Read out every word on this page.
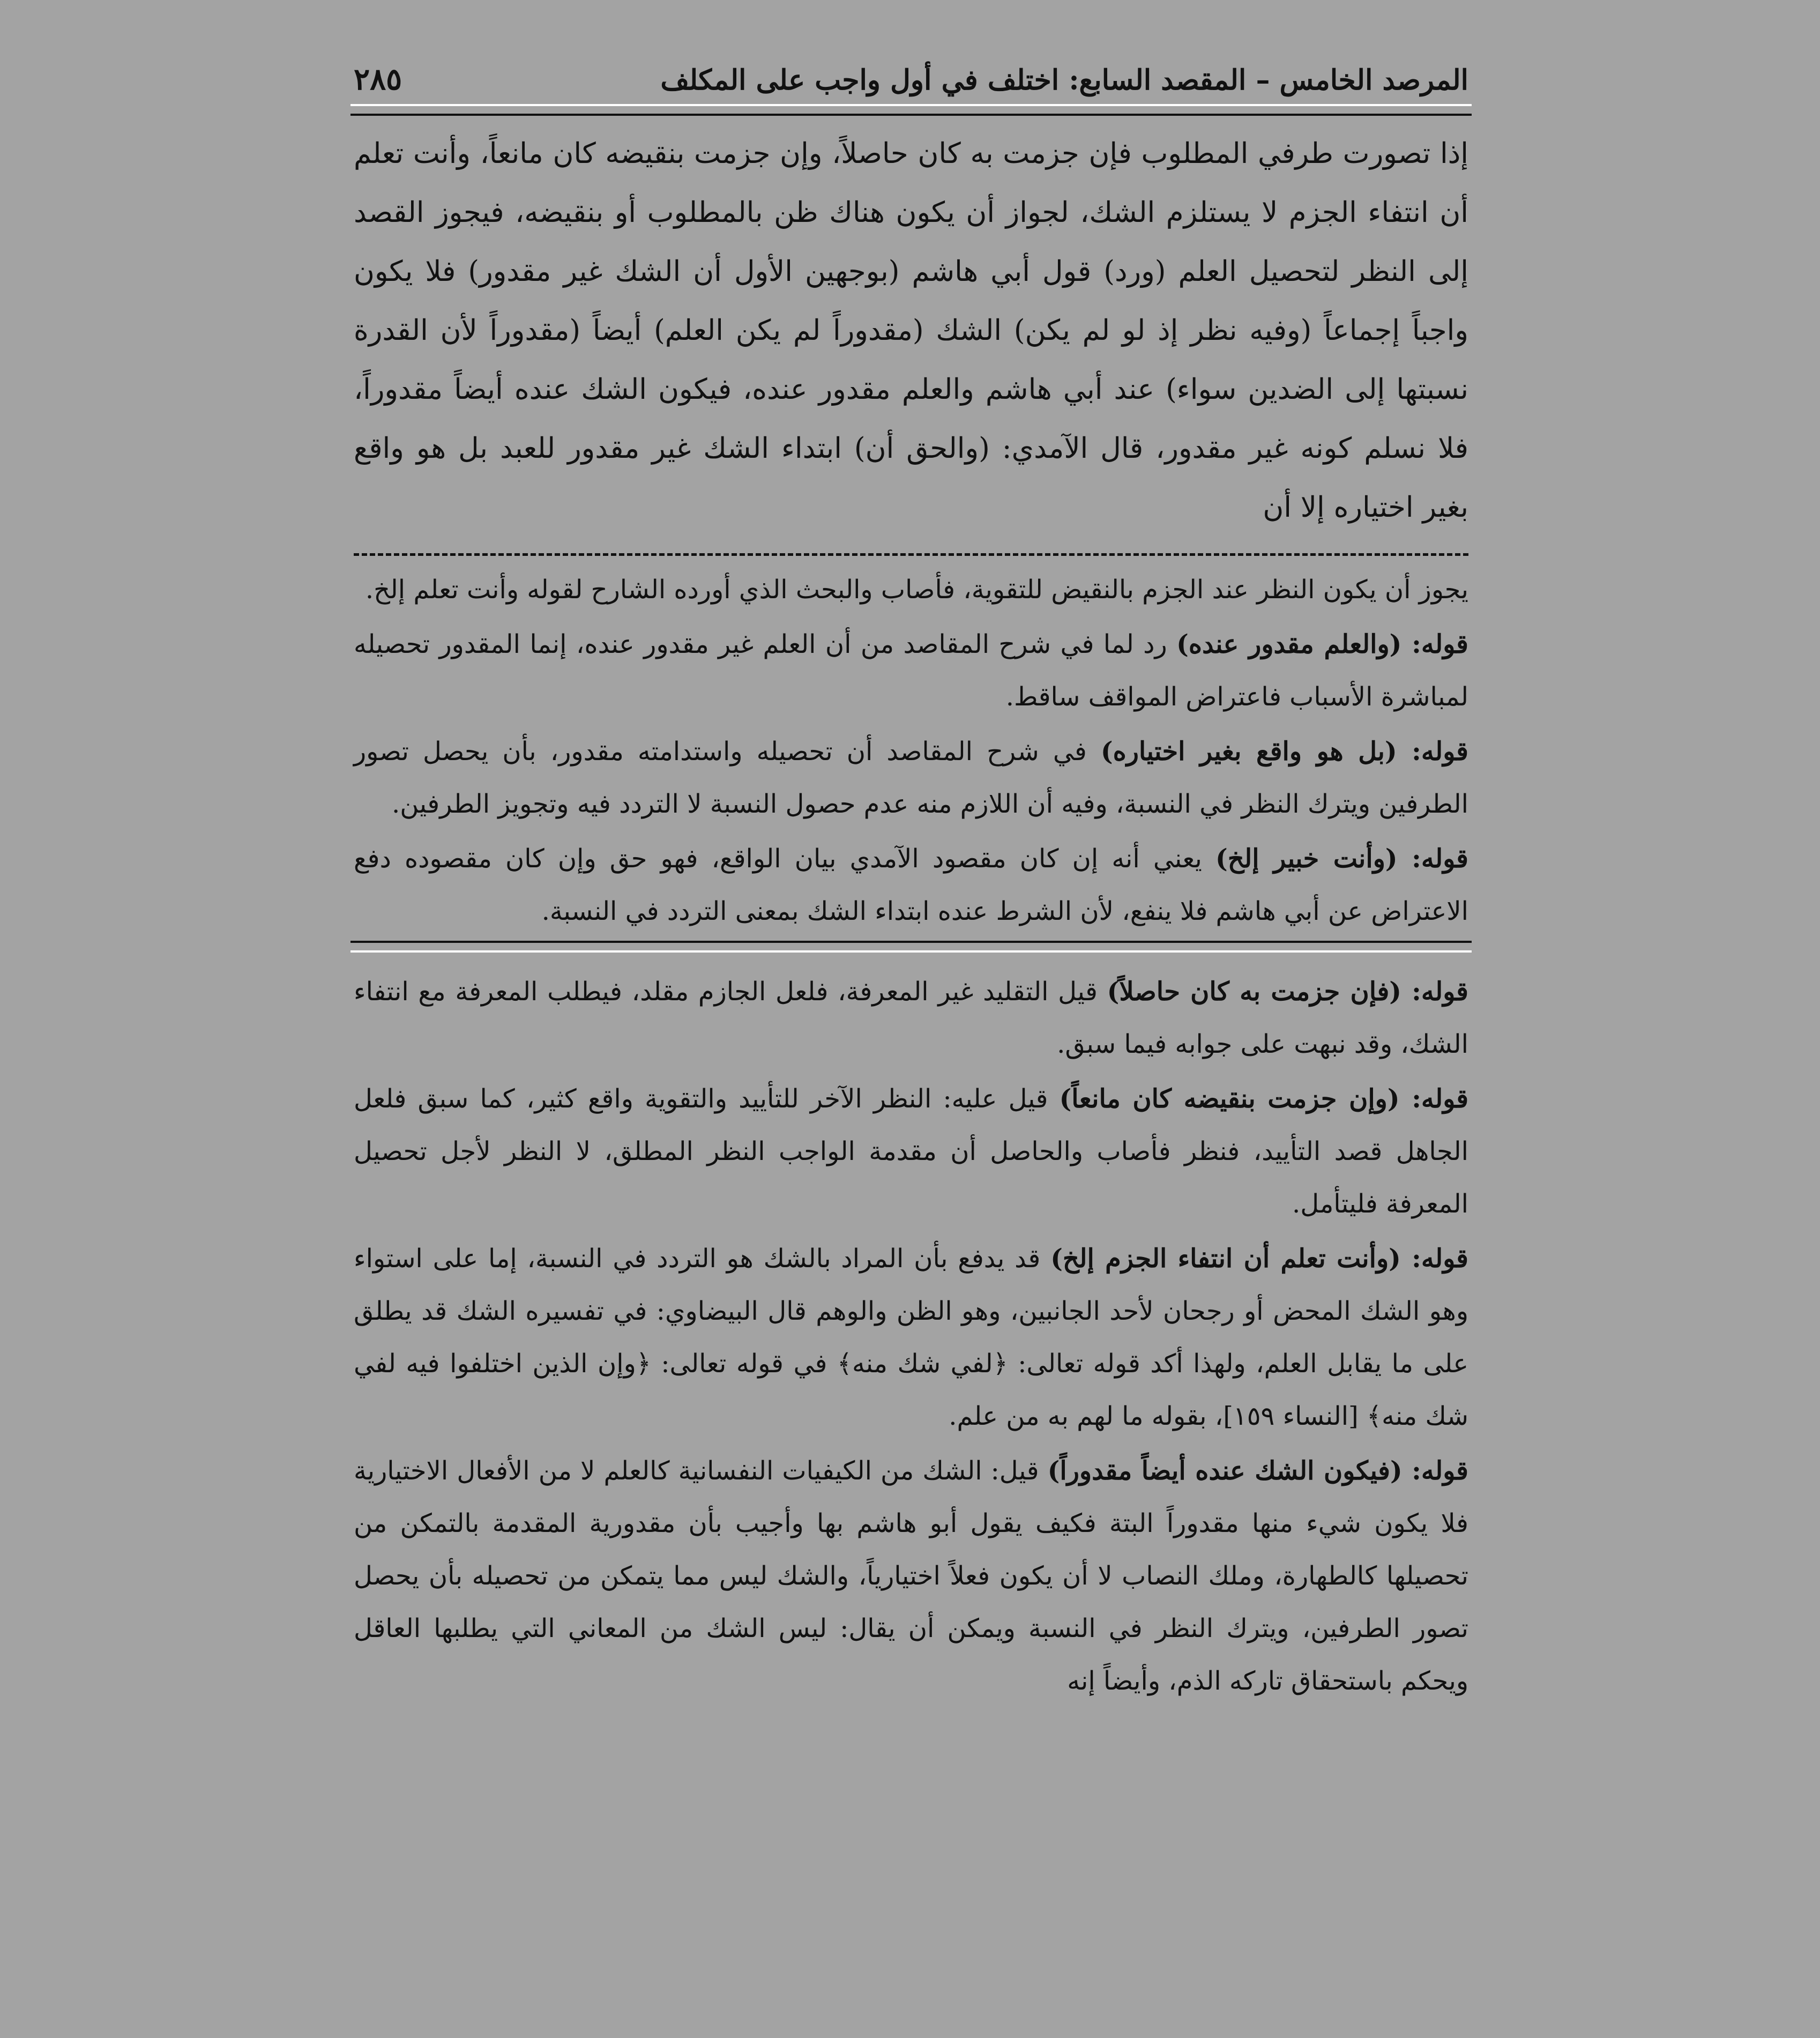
المرصد الخامس – المقصد السابع: اختلف في أول واجب على المكلف
٢٨٥
إذا تصورت طرفي المطلوب فإن جزمت به كان حاصلاً، وإن جزمت بنقيضه كان مانعاً، وأنت تعلم أن انتفاء الجزم لا يستلزم الشك، لجواز أن يكون هناك ظن بالمطلوب أو بنقيضه، فيجوز القصد إلى النظر لتحصيل العلم (ورد) قول أبي هاشم (بوجهين الأول أن الشك غير مقدور) فلا يكون واجباً إجماعاً (وفيه نظر إذ لو لم يكن) الشك (مقدوراً لم يكن العلم) أيضاً (مقدوراً لأن القدرة نسبتها إلى الضدين سواء) عند أبي هاشم والعلم مقدور عنده، فيكون الشك عنده أيضاً مقدوراً، فلا نسلم كونه غير مقدور، قال الآمدي: (والحق أن) ابتداء الشك غير مقدور للعبد بل هو واقع بغير اختياره إلا أن

يجوز أن يكون النظر عند الجزم بالنقيض للتقوية، فأصاب والبحث الذي أورده الشارح لقوله وأنت تعلم إلخ.

قوله: (والعلم مقدور عنده) رد لما في شرح المقاصد من أن العلم غير مقدور عنده، إنما المقدور تحصيله لمباشرة الأسباب فاعتراض المواقف ساقط.

قوله: (بل هو واقع بغير اختياره) في شرح المقاصد أن تحصيله واستدامته مقدور، بأن يحصل تصور الطرفين ويترك النظر في النسبة، وفيه أن اللازم منه عدم حصول النسبة لا التردد فيه وتجويز الطرفين.

قوله: (وأنت خبير إلخ) يعني أنه إن كان مقصود الآمدي بيان الواقع، فهو حق وإن كان مقصوده دفع الاعتراض عن أبي هاشم فلا ينفع، لأن الشرط عنده ابتداء الشك بمعنى التردد في النسبة.

قوله: (فإن جزمت به كان حاصلاً) قيل التقليد غير المعرفة، فلعل الجازم مقلد، فيطلب المعرفة مع انتفاء الشك، وقد نبهت على جوابه فيما سبق.

قوله: (وإن جزمت بنقيضه كان مانعاً) قيل عليه: النظر الآخر للتأييد والتقوية واقع كثير، كما سبق فلعل الجاهل قصد التأييد، فنظر فأصاب والحاصل أن مقدمة الواجب النظر المطلق، لا النظر لأجل تحصيل المعرفة فليتأمل.

قوله: (وأنت تعلم أن انتفاء الجزم إلخ) قد يدفع بأن المراد بالشك هو التردد في النسبة، إما على استواء وهو الشك المحض أو رجحان لأحد الجانبين، وهو الظن والوهم قال البيضاوي: في تفسيره الشك قد يطلق على ما يقابل العلم، ولهذا أكد قوله تعالى: ﴿لفي شك منه﴾ في قوله تعالى: ﴿وإن الذين اختلفوا فيه لفي شك منه﴾ [النساء ١٥٩]، بقوله ما لهم به من علم.

قوله: (فيكون الشك عنده أيضاً مقدوراً) قيل: الشك من الكيفيات النفسانية كالعلم لا من الأفعال الاختيارية فلا يكون شيء منها مقدوراً البتة فكيف يقول أبو هاشم بها وأجيب بأن مقدورية المقدمة بالتمكن من تحصيلها كالطهارة، وملك النصاب لا أن يكون فعلاً اختيارياً، والشك ليس مما يتمكن من تحصيله بأن يحصل تصور الطرفين، ويترك النظر في النسبة ويمكن أن يقال: ليس الشك من المعاني التي يطلبها العاقل ويحكم باستحقاق تاركه الذم، وأيضاً إنه
